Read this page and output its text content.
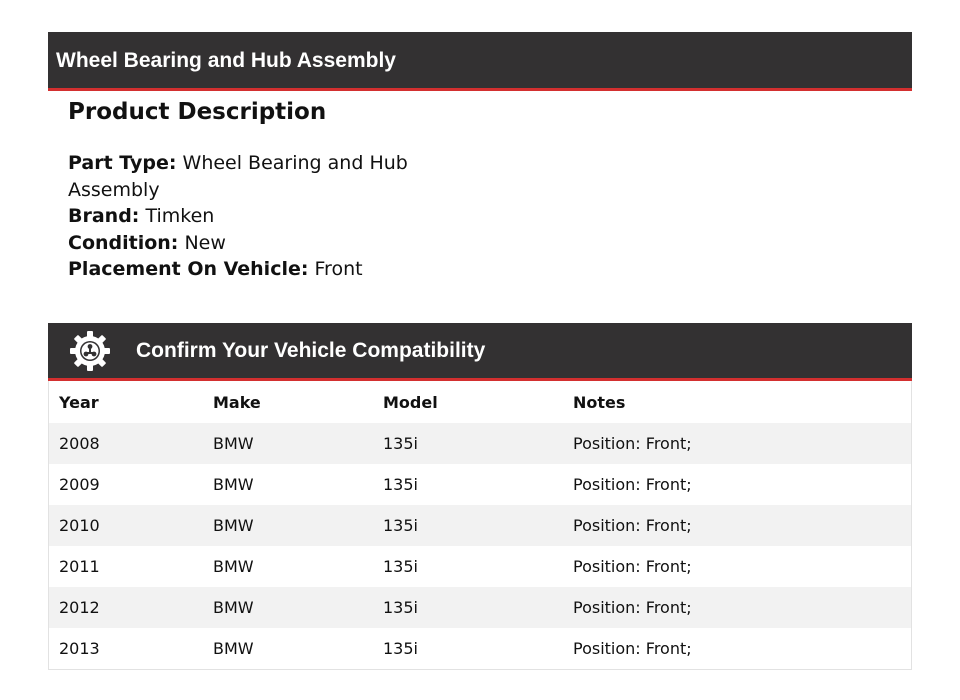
Wheel Bearing and Hub Assembly
Product Description
Part Type: Wheel Bearing and Hub Assembly
Brand: Timken
Condition: New
Placement On Vehicle: Front
Confirm Your Vehicle Compatibility
Year	Make	Model	Notes
2008	BMW	135i	Position: Front;
2009	BMW	135i	Position: Front;
2010	BMW	135i	Position: Front;
2011	BMW	135i	Position: Front;
2012	BMW	135i	Position: Front;
2013	BMW	135i	Position: Front;
